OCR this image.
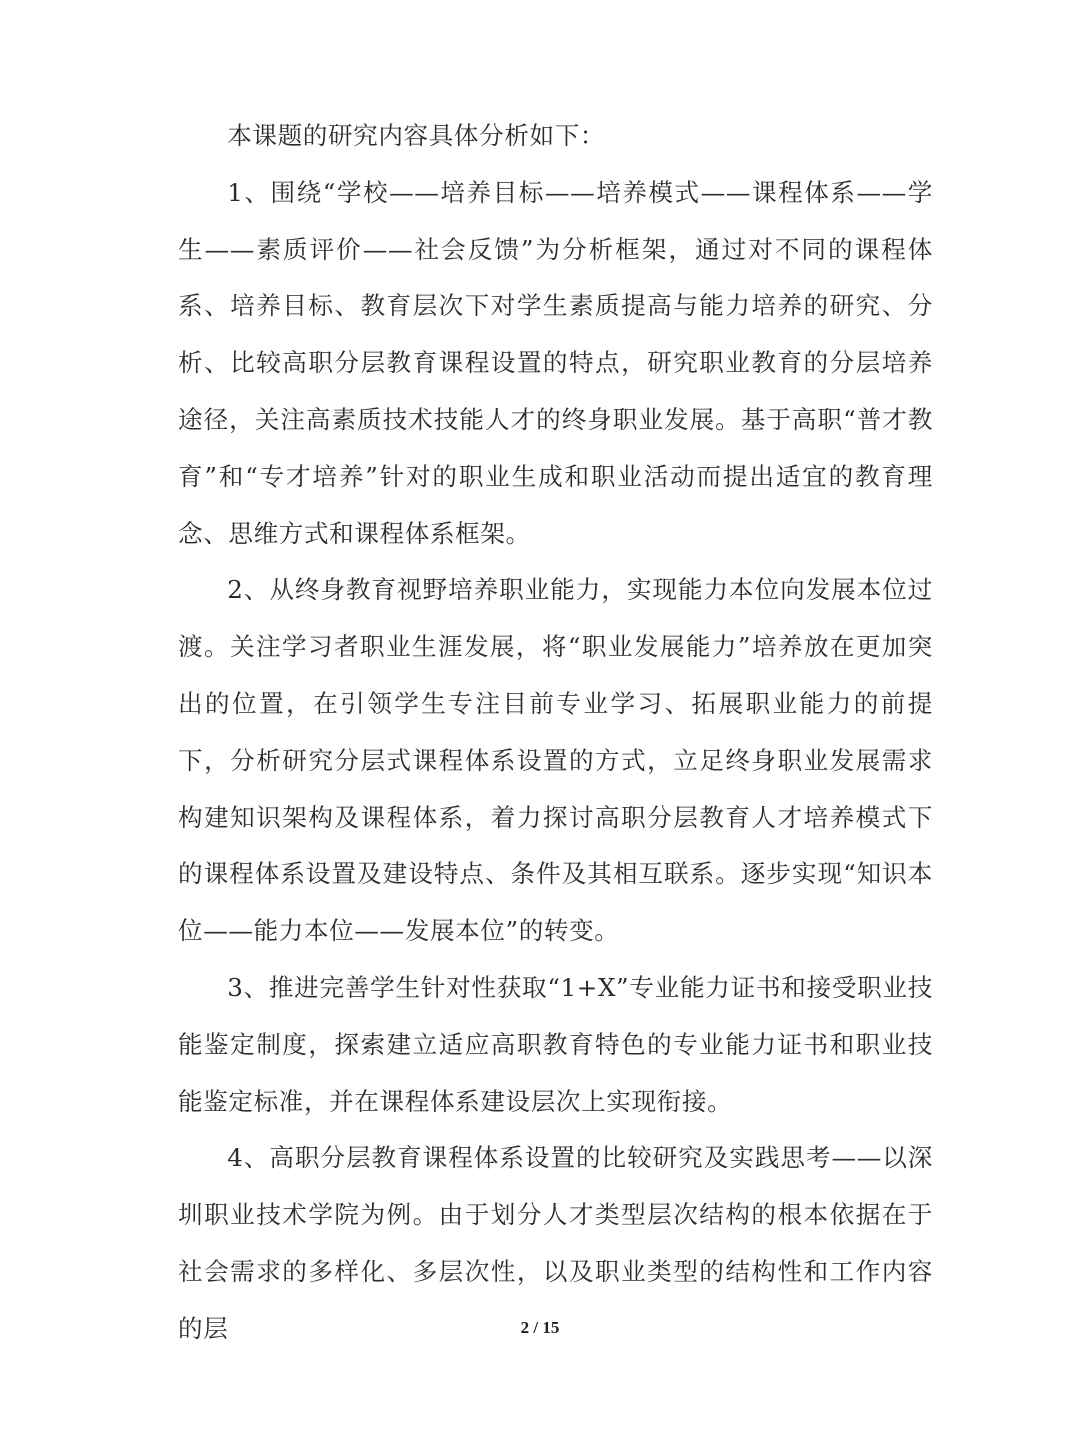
本课题的研究内容具体分析如下：

1、围绕“学校——培养目标——培养模式——课程体系——学生——素质评价——社会反馈”为分析框架，通过对不同的课程体系、培养目标、教育层次下对学生素质提高与能力培养的研究、分析、比较高职分层教育课程设置的特点，研究职业教育的分层培养途径，关注高素质技术技能人才的终身职业发展。基于高职“普才教育”和“专才培养”针对的职业生成和职业活动而提出适宜的教育理念、思维方式和课程体系框架。

2、从终身教育视野培养职业能力，实现能力本位向发展本位过渡。关注学习者职业生涯发展，将“职业发展能力”培养放在更加突出的位置，在引领学生专注目前专业学习、拓展职业能力的前提下，分析研究分层式课程体系设置的方式，立足终身职业发展需求构建知识架构及课程体系，着力探讨高职分层教育人才培养模式下的课程体系设置及建设特点、条件及其相互联系。逐步实现“知识本位——能力本位——发展本位”的转变。

3、推进完善学生针对性获取“1+X”专业能力证书和接受职业技能鉴定制度，探索建立适应高职教育特色的专业能力证书和职业技能鉴定标准，并在课程体系建设层次上实现衔接。

4、高职分层教育课程体系设置的比较研究及实践思考——以深圳职业技术学院为例。由于划分人才类型层次结构的根本依据在于社会需求的多样化、多层次性，以及职业类型的结构性和工作内容的层	2 / 15
